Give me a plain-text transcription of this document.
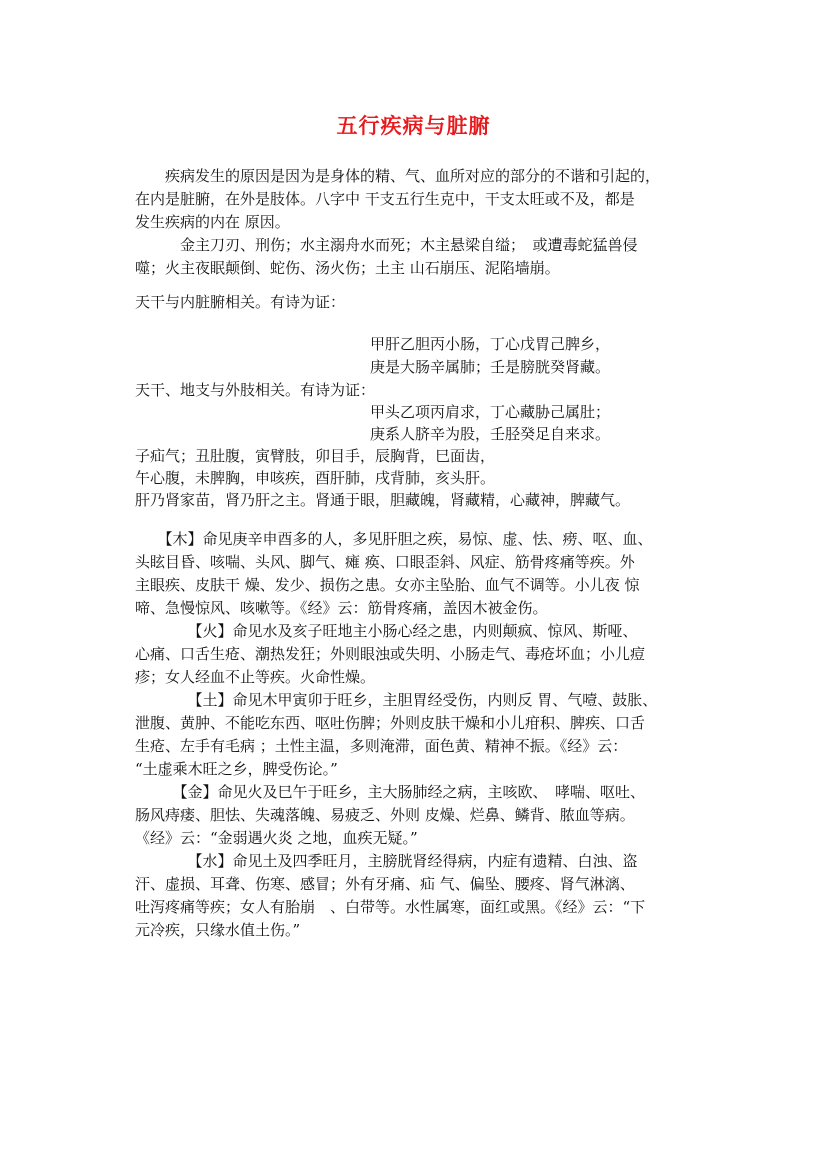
五行疾病与脏腑
　　疾病发生的原因是因为是身体的精、气、血所对应的部分的不谐和引起的，
在内是脏腑，在外是肢体。八字中 干支五行生克中，干支太旺或不及，都是
发生疾病的内在 原因。
　　　金主刀刃、刑伤；水主溺舟水而死；木主悬梁自缢；　或遭毒蛇猛兽侵
噬；火主夜眠颠倒、蛇伤、汤火伤；土主 山石崩压、泥陷墙崩。
天干与内脏腑相关。有诗为证：
甲肝乙胆丙小肠，丁心戊胃己脾乡，
庚是大肠辛属肺；壬是膀胱癸肾藏。
天干、地支与外肢相关。有诗为证：
甲头乙项丙肩求，丁心藏胁己属肚；
庚系人脐辛为股，壬胫癸足自来求。
子疝气；丑肚腹，寅臂肢，卯目手，辰胸背，巳面齿，
午心腹，未脾胸，申咳疾，酉肝肺，戌背肺，亥头肝。
肝乃肾家苗，肾乃肝之主。肾通于眼，胆藏魄，肾藏精，心藏神，脾藏气。
　　【木】命见庚辛申酉多的人，多见肝胆之疾，易惊、虚、怯、痨、呕、血、
头眩目昏、咳喘、头风、脚气、瘫 痪、口眼歪斜、风症、筋骨疼痛等疾。外
主眼疾、皮肤干 燥、发少、损伤之患。女亦主坠胎、血气不调等。小儿夜 惊
啼、急慢惊风、咳嗽等。《经》云：筋骨疼痛，盖因木被金伤。
　　　　【火】命见水及亥子旺地主小肠心经之患，内则颠疯、惊风、斯哑、
心痛、口舌生疮、潮热发狂；外则眼浊或失明、小肠走气、毒疮坏血；小儿痘
疹；女人经血不止等疾。火命性燥。
　　　　【土】命见木甲寅卯于旺乡，主胆胃经受伤，内则反 胃、气噎、鼓胀、
泄腹、黄肿、不能吃东西、呕吐伤脾；外则皮肤干燥和小儿疳积、脾疾、口舌
生疮、左手有毛病 ；土性主温，多则淹滞，面色黄、精神不振。《经》云：
“土虚乘木旺之乡，脾受伤论。”
　　　【金】命见火及巳午于旺乡，主大肠肺经之病，主咳欧、　哮喘、呕吐、
肠风痔瘘、胆怯、失魂落魄、易疲乏、外则 皮燥、烂鼻、鳞背、脓血等病。
《经》云：“金弱遇火炎 之地，血疾无疑。”
　　　　【水】命见土及四季旺月，主膀胱肾经得病，内症有遗精、白浊、盗
汗、虚损、耳聋、伤寒、感冒；外有牙痛、疝 气、偏坠、腰疼、肾气淋漓、
吐泻疼痛等疾；女人有胎崩　、白带等。水性属寒，面红或黑。《经》云：“下
元冷疾，只缘水值土伤。”
